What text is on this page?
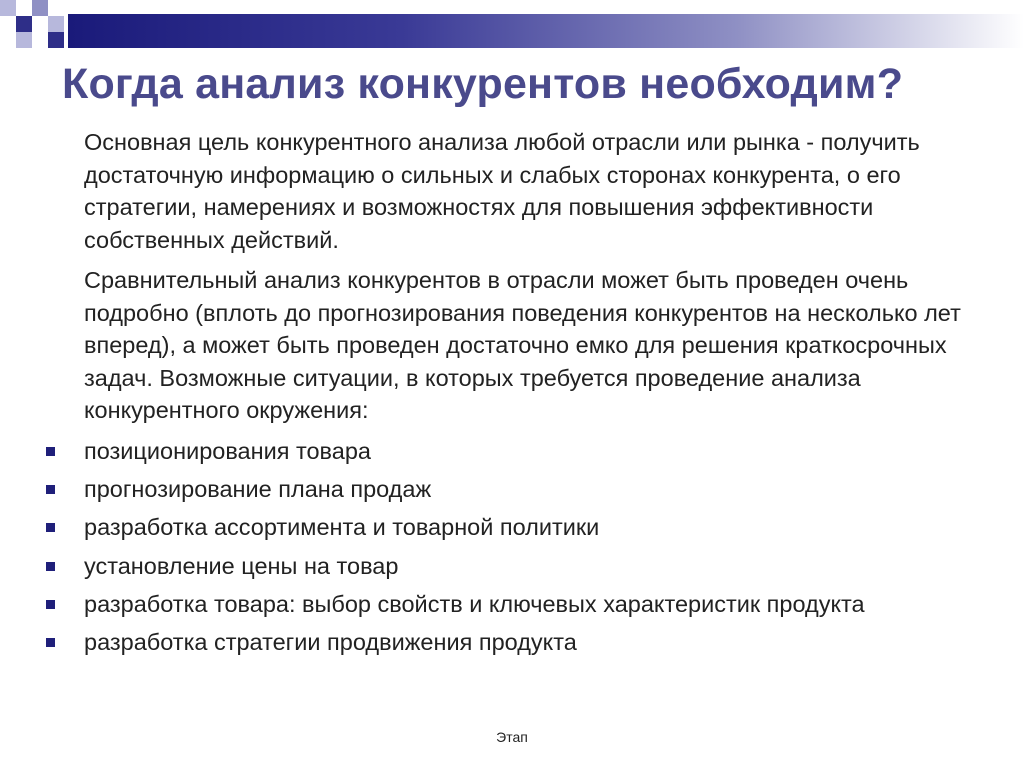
Когда анализ конкурентов необходим?

Основная цель конкурентного анализа любой отрасли или рынка - получить достаточную информацию о сильных и слабых сторонах конкурента, о его стратегии, намерениях и возможностях для повышения эффективности собственных действий.

Сравнительный анализ конкурентов в отрасли может быть проведен очень подробно (вплоть до прогнозирования поведения конкурентов на несколько лет вперед), а может быть проведен достаточно емко для решения краткосрочных задач. Возможные ситуации, в которых требуется проведение анализа конкурентного окружения:

позиционирования товара
прогнозирование плана продаж
разработка ассортимента и товарной политики
установление цены на товар
разработка товара: выбор свойств и ключевых характеристик продукта
разработка стратегии продвижения продукта
Этап
